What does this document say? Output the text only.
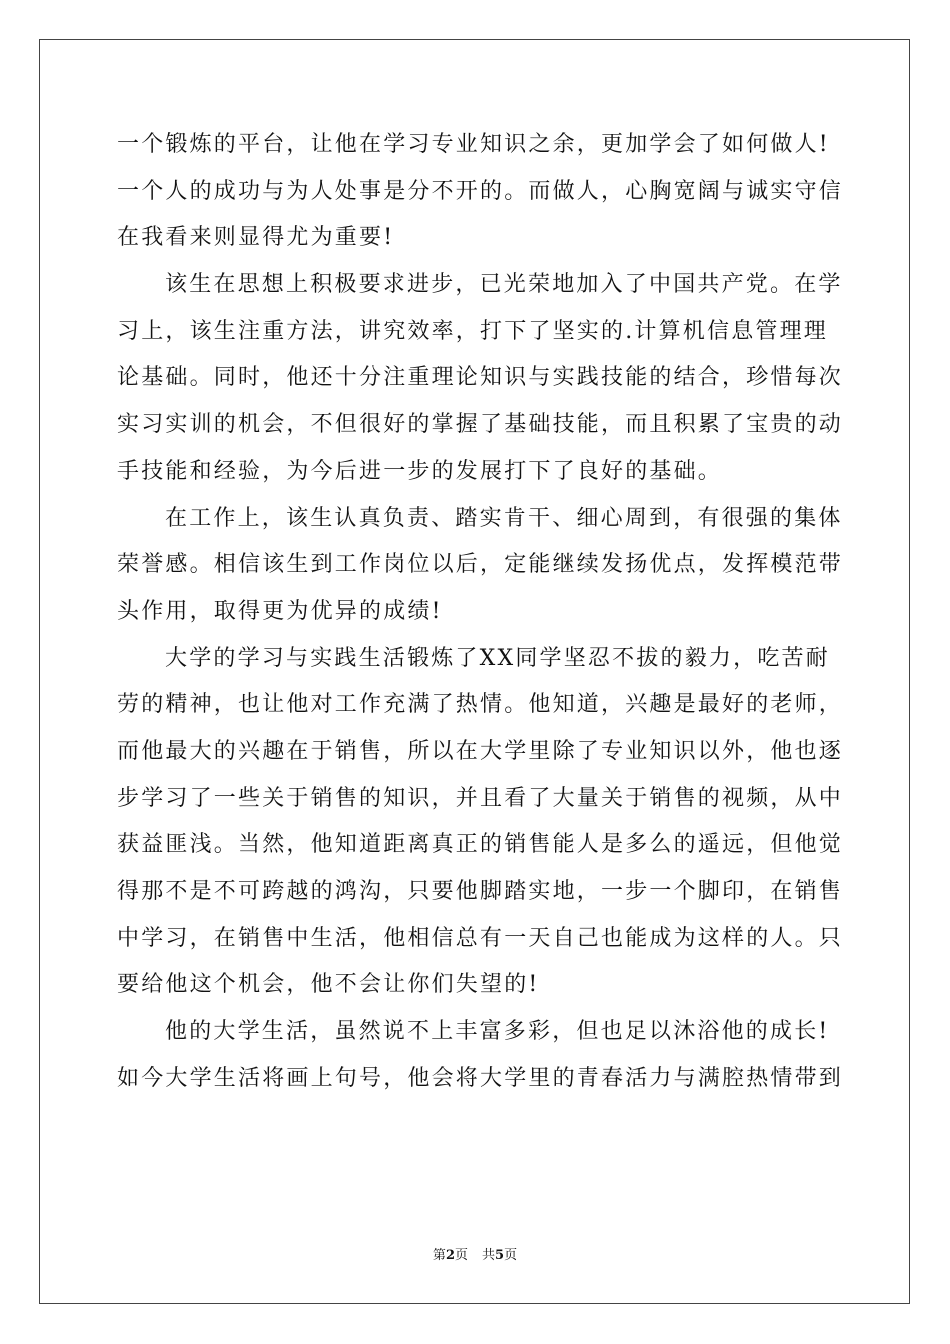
一个锻炼的平台，让他在学习专业知识之余，更加学会了如何做人!
一个人的成功与为人处事是分不开的。而做人，心胸宽阔与诚实守信
在我看来则显得尤为重要!
该生在思想上积极要求进步，已光荣地加入了中国共产党。在学
习上，该生注重方法，讲究效率，打下了坚实的.计算机信息管理理
论基础。同时，他还十分注重理论知识与实践技能的结合，珍惜每次
实习实训的机会，不但很好的掌握了基础技能，而且积累了宝贵的动
手技能和经验，为今后进一步的发展打下了良好的基础。
在工作上，该生认真负责、踏实肯干、细心周到，有很强的集体
荣誉感。相信该生到工作岗位以后，定能继续发扬优点，发挥模范带
头作用，取得更为优异的成绩!
大学的学习与实践生活锻炼了XX同学坚忍不拔的毅力，吃苦耐
劳的精神，也让他对工作充满了热情。他知道，兴趣是最好的老师，
而他最大的兴趣在于销售，所以在大学里除了专业知识以外，他也逐
步学习了一些关于销售的知识，并且看了大量关于销售的视频，从中
获益匪浅。当然，他知道距离真正的销售能人是多么的遥远，但他觉
得那不是不可跨越的鸿沟，只要他脚踏实地，一步一个脚印，在销售
中学习，在销售中生活，他相信总有一天自己也能成为这样的人。只
要给他这个机会，他不会让你们失望的!
他的大学生活，虽然说不上丰富多彩，但也足以沐浴他的成长!
如今大学生活将画上句号，他会将大学里的青春活力与满腔热情带到
第2页 共5页
